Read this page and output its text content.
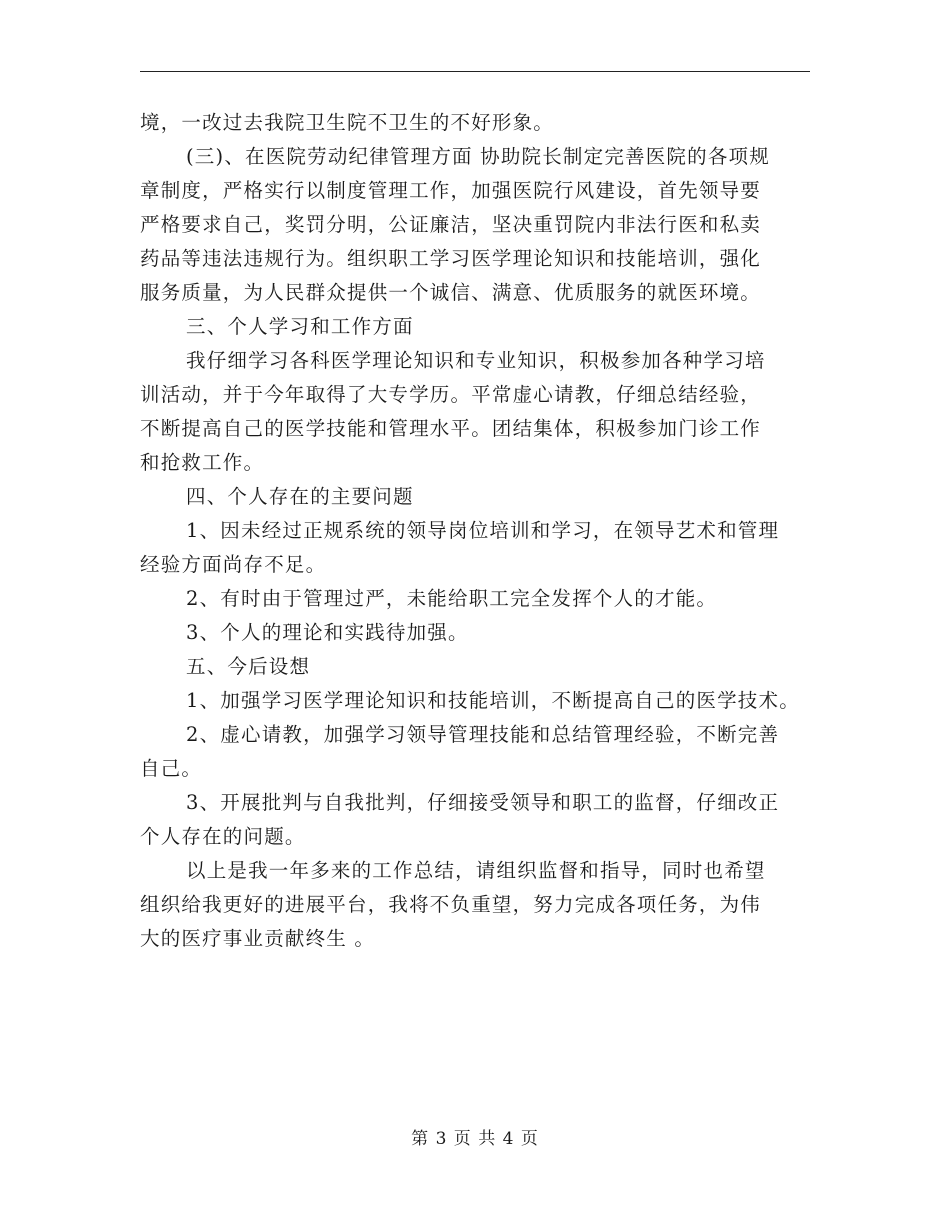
境，一改过去我院卫生院不卫生的不好形象。
(三)、在医院劳动纪律管理方面 协助院长制定完善医院的各项规
章制度，严格实行以制度管理工作，加强医院行风建设，首先领导要
严格要求自己，奖罚分明，公证廉洁，坚决重罚院内非法行医和私卖
药品等违法违规行为。组织职工学习医学理论知识和技能培训，强化
服务质量，为人民群众提供一个诚信、满意、优质服务的就医环境。
三、个人学习和工作方面
我仔细学习各科医学理论知识和专业知识，积极参加各种学习培
训活动，并于今年取得了大专学历。平常虚心请教，仔细总结经验，
不断提高自己的医学技能和管理水平。团结集体，积极参加门诊工作
和抢救工作。
四、个人存在的主要问题
1、因未经过正规系统的领导岗位培训和学习，在领导艺术和管理
经验方面尚存不足。
2、有时由于管理过严，未能给职工完全发挥个人的才能。
3、个人的理论和实践待加强。
五、今后设想
1、加强学习医学理论知识和技能培训，不断提高自己的医学技术。
2、虚心请教，加强学习领导管理技能和总结管理经验，不断完善
自己。
3、开展批判与自我批判，仔细接受领导和职工的监督，仔细改正
个人存在的问题。
以上是我一年多来的工作总结，请组织监督和指导，同时也希望
组织给我更好的进展平台，我将不负重望，努力完成各项任务，为伟
大的医疗事业贡献终生 。
第 3 页 共 4 页
